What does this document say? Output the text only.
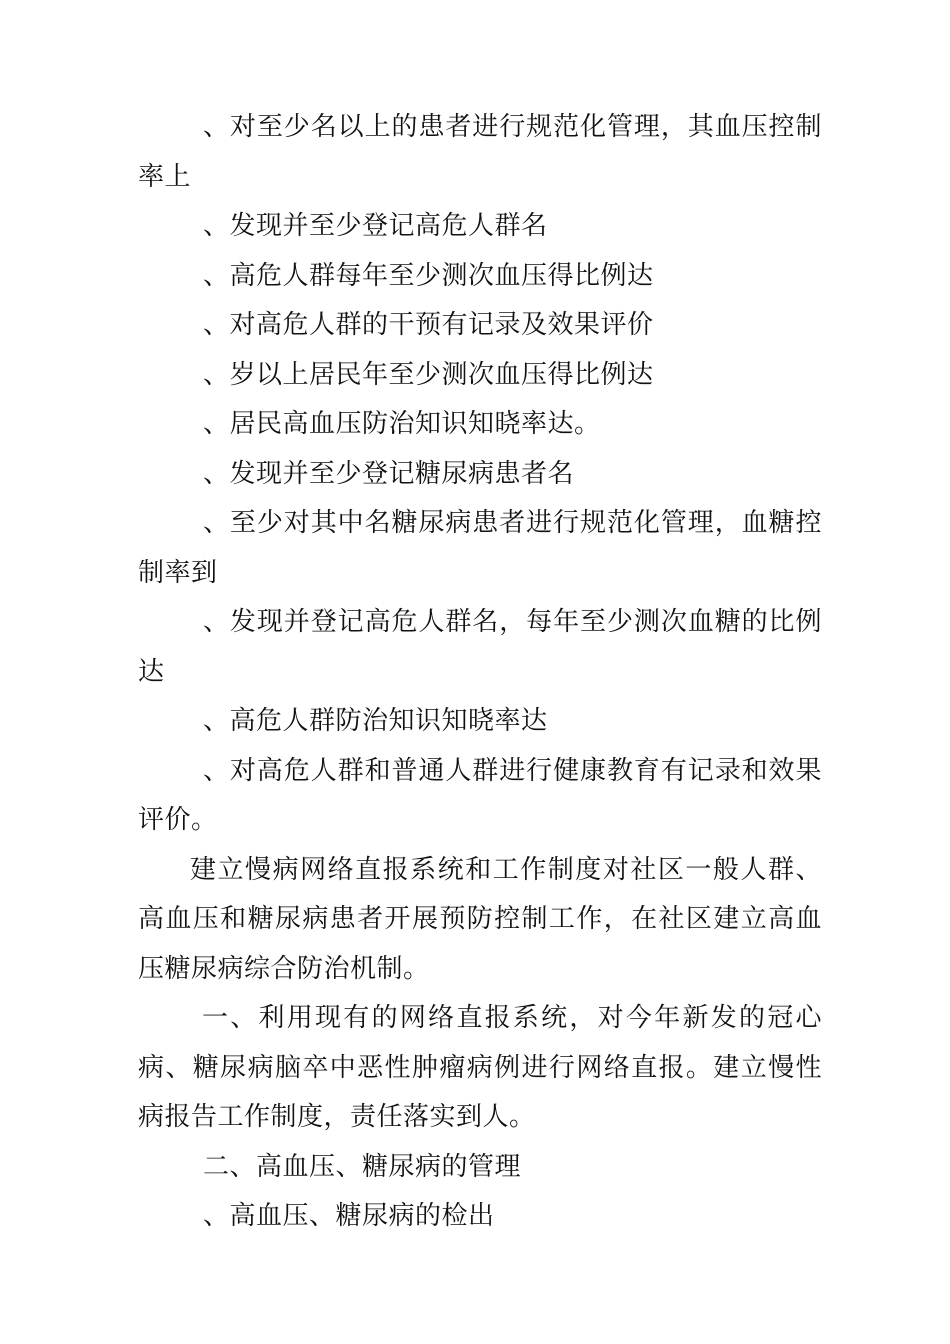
、对至少名以上的患者进行规范化管理，其血压控制率上

、发现并至少登记高危人群名

、高危人群每年至少测次血压得比例达

、对高危人群的干预有记录及效果评价

、岁以上居民年至少测次血压得比例达

、居民高血压防治知识知晓率达。

、发现并至少登记糖尿病患者名

、至少对其中名糖尿病患者进行规范化管理，血糖控制率到

、发现并登记高危人群名，每年至少测次血糖的比例达

、高危人群防治知识知晓率达

、对高危人群和普通人群进行健康教育有记录和效果评价。

建立慢病网络直报系统和工作制度对社区一般人群、高血压和糖尿病患者开展预防控制工作，在社区建立高血压糖尿病综合防治机制。

一、利用现有的网络直报系统，对今年新发的冠心病、糖尿病脑卒中恶性肿瘤病例进行网络直报。建立慢性病报告工作制度，责任落实到人。

二、高血压、糖尿病的管理

、高血压、糖尿病的检出
